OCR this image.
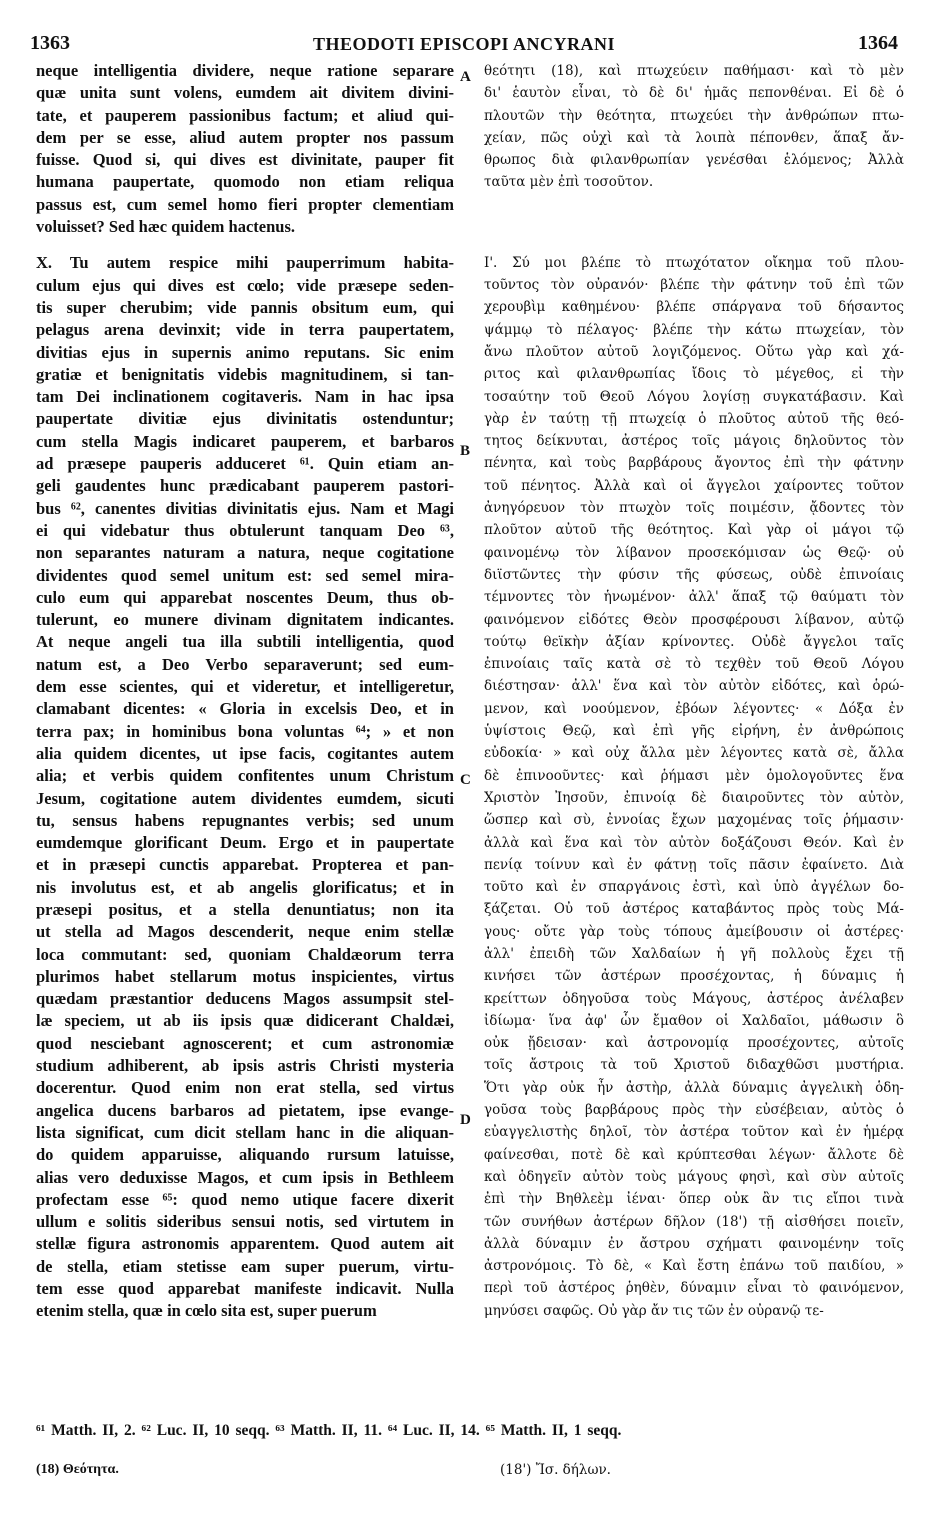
1363	THEODOTI EPISCOPI ANCYRANI	1364
neque intelligentia dividere, neque ratione separare
quæ unita sunt volens, eumdem ait divitem divini-
tate, et pauperem passionibus factum; et aliud qui-
dem per se esse, aliud autem propter nos passum
fuisse. Quod si, qui dives est divinitate, pauper fit
humana paupertate, quomodo non etiam reliqua
passus est, cum semel homo fieri propter clementiam
voluisset? Sed hæc quidem hactenus.
X. Tu autem respice mihi pauperrimum habita-
culum ejus qui dives est cœlo; vide præsepe seden-
tis super cherubim; vide pannis obsitum eum, qui
pelagus arena devinxit; vide in terra paupertatem,
divitias ejus in supernis animo reputans. Sic enim
gratiæ et benignitatis videbis magnitudinem, si tan-
tam Dei inclinationem cogitaveris. Nam in hac ipsa
paupertate divitiæ ejus divinitatis ostenduntur;
cum stella Magis indicaret pauperem, et barbaros
ad præsepe pauperis adduceret ⁶¹. Quin etiam an-
geli gaudentes hunc prædicabant pauperem pastori-
bus ⁶², canentes divitias divinitatis ejus. Nam et Magi
ei qui videbatur thus obtulerunt tanquam Deo ⁶³,
non separantes naturam a natura, neque cogitatione
dividentes quod semel unitum est: sed semel mira-
culo eum qui apparebat noscentes Deum, thus ob-
tulerunt, eo munere divinam dignitatem indicantes.
At neque angeli tua illa subtili intelligentia, quod
natum est, a Deo Verbo separaverunt; sed eum-
dem esse scientes, qui et videretur, et intelligeretur,
clamabant dicentes: « Gloria in excelsis Deo, et in
terra pax; in hominibus bona voluntas ⁶⁴; » et non
alia quidem dicentes, ut ipse facis, cogitantes autem
alia; et verbis quidem confitentes unum Christum
Jesum, cogitatione autem dividentes eumdem, sicuti
tu, sensus habens repugnantes verbis; sed unum
eumdemque glorificant Deum. Ergo et in paupertate
et in præsepi cunctis apparebat. Propterea et pan-
nis involutus est, et ab angelis glorificatus; et in
præsepi positus, et a stella denuntiatus; non ita
ut stella ad Magos descenderit, neque enim stellæ
loca commutant: sed, quoniam Chaldæorum terra
plurimos habet stellarum motus inspicientes, virtus
quædam præstantior deducens Magos assumpsit stel-
læ speciem, ut ab iis ipsis quæ didicerant Chaldæi,
quod nesciebant agnoscerent; et cum astronomiæ
studium adhiberent, ab ipsis astris Christi mysteria
docerentur. Quod enim non erat stella, sed virtus
angelica ducens barbaros ad pietatem, ipse evange-
lista significat, cum dicit stellam hanc in die aliquan-
do quidem apparuisse, aliquando rursum latuisse,
alias vero deduxisse Magos, et cum ipsis in Bethleem
profectam esse ⁶⁵: quod nemo utique facere dixerit
ullum e solitis sideribus sensui notis, sed virtutem in
stellæ figura astronomis apparentem. Quod autem ait
de stella, etiam stetisse eam super puerum, virtu-
tem esse quod apparebat manifeste indicavit. Nulla
etenim stella, quæ in cœlo sita est, super puerum
A
B
C
D
θεότητι (18), καὶ πτωχεύειν παθήμασι· καὶ τὸ μὲν
δι' ἑαυτὸν εἶναι, τὸ δὲ δι' ἡμᾶς πεπονθέναι. Εἰ δὲ ὁ
πλουτῶν τὴν θεότητα, πτωχεύει τὴν ἀνθρώπων πτω-
χείαν, πῶς οὐχὶ καὶ τὰ λοιπὰ πέπονθεν, ἅπαξ ἄν-
θρωπος διὰ φιλανθρωπίαν γενέσθαι ἑλόμενος; Ἀλλὰ
ταῦτα μὲν ἐπὶ τοσοῦτον.
Ι'. Σύ μοι βλέπε τὸ πτωχότατον οἴκημα τοῦ πλου-
τοῦντος τὸν οὐρανόν· βλέπε τὴν φάτνην τοῦ ἐπὶ τῶν
χερουβὶμ καθημένου· βλέπε σπάργανα τοῦ δήσαντος
ψάμμῳ τὸ πέλαγος· βλέπε τὴν κάτω πτωχείαν, τὸν
ἄνω πλοῦτον αὐτοῦ λογιζόμενος. Οὕτω γὰρ καὶ χά-
ριτος καὶ φιλανθρωπίας ἴδοις τὸ μέγεθος, εἰ τὴν
τοσαύτην τοῦ Θεοῦ Λόγου λογίσῃ συγκατάβασιν. Καὶ
γὰρ ἐν ταύτῃ τῇ πτωχείᾳ ὁ πλοῦτος αὐτοῦ τῆς θεό-
τητος δείκνυται, ἀστέρος τοῖς μάγοις δηλοῦντος τὸν
πένητα, καὶ τοὺς βαρβάρους ἄγοντος ἐπὶ τὴν φάτνην
τοῦ πένητος. Ἀλλὰ καὶ οἱ ἄγγελοι χαίροντες τοῦτον
ἀνηγόρευον τὸν πτωχὸν τοῖς ποιμέσιν, ᾄδοντες τὸν
πλοῦτον αὐτοῦ τῆς θεότητος. Καὶ γὰρ οἱ μάγοι τῷ
φαινομένῳ τὸν λίβανον προσεκόμισαν ὡς Θεῷ· οὐ
διϊστῶντες τὴν φύσιν τῆς φύσεως, οὐδὲ ἐπινοίαις
τέμνοντες τὸν ἡνωμένον· ἀλλ' ἅπαξ τῷ θαύματι τὸν
φαινόμενον εἰδότες Θεὸν προσφέρουσι λίβανον, αὐτῷ
τούτῳ θεϊκὴν ἀξίαν κρίνοντες. Οὐδὲ ἄγγελοι ταῖς
ἐπινοίαις ταῖς κατὰ σὲ τὸ τεχθὲν τοῦ Θεοῦ Λόγου
διέστησαν· ἀλλ' ἕνα καὶ τὸν αὐτὸν εἰδότες, καὶ ὁρώ-
μενον, καὶ νοούμενον, ἐβόων λέγοντες· « Δόξα ἐν
ὑψίστοις Θεῷ, καὶ ἐπὶ γῆς εἰρήνη, ἐν ἀνθρώποις
εὐδοκία· » καὶ οὐχ ἄλλα μὲν λέγοντες κατὰ σὲ, ἄλλα
δὲ ἐπινοοῦντες· καὶ ῥήμασι μὲν ὁμολογοῦντες ἕνα
Χριστὸν Ἰησοῦν, ἐπινοίᾳ δὲ διαιροῦντες τὸν αὐτὸν,
ὥσπερ καὶ σὺ, ἐννοίας ἔχων μαχομένας τοῖς ῥήμασιν·
ἀλλὰ καὶ ἕνα καὶ τὸν αὐτὸν δοξάζουσι Θεόν. Καὶ ἐν
πενίᾳ τοίνυν καὶ ἐν φάτνῃ τοῖς πᾶσιν ἐφαίνετο. Διὰ
τοῦτο καὶ ἐν σπαργάνοις ἐστὶ, καὶ ὑπὸ ἀγγέλων δο-
ξάζεται. Οὐ τοῦ ἀστέρος καταβάντος πρὸς τοὺς Μά-
γους· οὔτε γὰρ τοὺς τόπους ἀμείβουσιν οἱ ἀστέρες·
ἀλλ' ἐπειδὴ τῶν Χαλδαίων ἡ γῆ πολλοὺς ἔχει τῇ
κινήσει τῶν ἀστέρων προσέχοντας, ἡ δύναμις ἡ
κρείττων ὁδηγοῦσα τοὺς Μάγους, ἀστέρος ἀνέλαβεν
ἰδίωμα· ἵνα ἀφ' ὧν ἔμαθον οἱ Χαλδαῖοι, μάθωσιν ὃ
οὐκ ᾔδεισαν· καὶ ἀστρονομίᾳ προσέχοντες, αὐτοῖς
τοῖς ἄστροις τὰ τοῦ Χριστοῦ διδαχθῶσι μυστήρια.
Ὅτι γὰρ οὐκ ἦν ἀστὴρ, ἀλλὰ δύναμις ἀγγελικὴ ὁδη-
γοῦσα τοὺς βαρβάρους πρὸς τὴν εὐσέβειαν, αὐτὸς ὁ
εὐαγγελιστὴς δηλοῖ, τὸν ἀστέρα τοῦτον καὶ ἐν ἡμέρᾳ
φαίνεσθαι, ποτὲ δὲ καὶ κρύπτεσθαι λέγων· ἄλλοτε δὲ
καὶ ὁδηγεῖν αὐτὸν τοὺς μάγους φησὶ, καὶ σὺν αὐτοῖς
ἐπὶ τὴν Βηθλεὲμ ἰέναι· ὅπερ οὐκ ἂν τις εἴποι τινὰ
τῶν συνήθων ἀστέρων δῆλον (18') τῇ αἰσθήσει ποιεῖν,
ἀλλὰ δύναμιν ἐν ἄστρου σχήματι φαινομένην τοῖς
ἀστρονόμοις. Τὸ δὲ, « Καὶ ἔστη ἐπάνω τοῦ παιδίου, »
περὶ τοῦ ἀστέρος ῥηθὲν, δύναμιν εἶναι τὸ φαινόμενον,
μηνύσει σαφῶς. Οὐ γὰρ ἄν τις τῶν ἐν οὐρανῷ τε-
⁶¹ Matth. II, 2. ⁶² Luc. II, 10 seqq. ⁶³ Matth. II, 11. ⁶⁴ Luc. II, 14. ⁶⁵ Matth. II, 1 seqq.
(18) Θεότητα.	(18') Ἴσ. δήλων.
